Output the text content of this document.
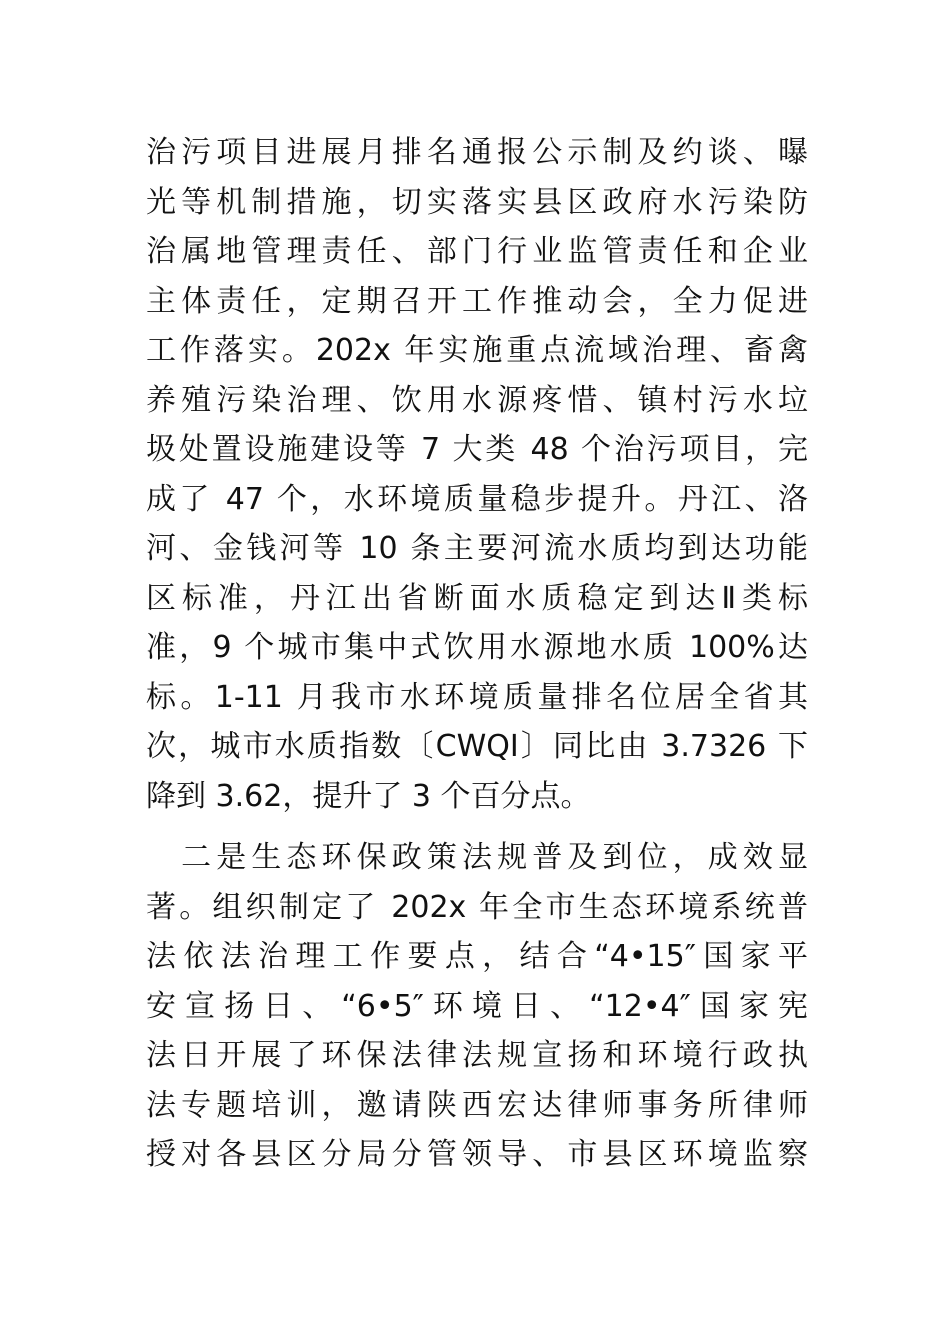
治污项目进展月排名通报公示制及约谈、曝
光等机制措施，切实落实县区政府水污染防
治属地管理责任、部门行业监管责任和企业
主体责任，定期召开工作推动会，全力促进
工作落实。202x 年实施重点流域治理、畜禽
养殖污染治理、饮用水源疼惜、镇村污水垃
圾处置设施建设等 7 大类 48 个治污项目，完
成了 47 个，水环境质量稳步提升。丹江、洛
河、金钱河等 10 条主要河流水质均到达功能
区标准，丹江出省断面水质稳定到达Ⅱ类标
准，9 个城市集中式饮用水源地水质 100%达
标。1-11 月我市水环境质量排名位居全省其
次，城市水质指数〔CWQI〕同比由 3.7326 下
降到 3.62，提升了 3 个百分点。
　二是生态环保政策法规普及到位，成效显
著。组织制定了 202x 年全市生态环境系统普
法依法治理工作要点，结合“4•15″国家平
安宣扬日、“6•5″环境日、“12•4″国家宪
法日开展了环保法律法规宣扬和环境行政执
法专题培训，邀请陕西宏达律师事务所律师
授对各县区分局分管领导、市县区环境监察
